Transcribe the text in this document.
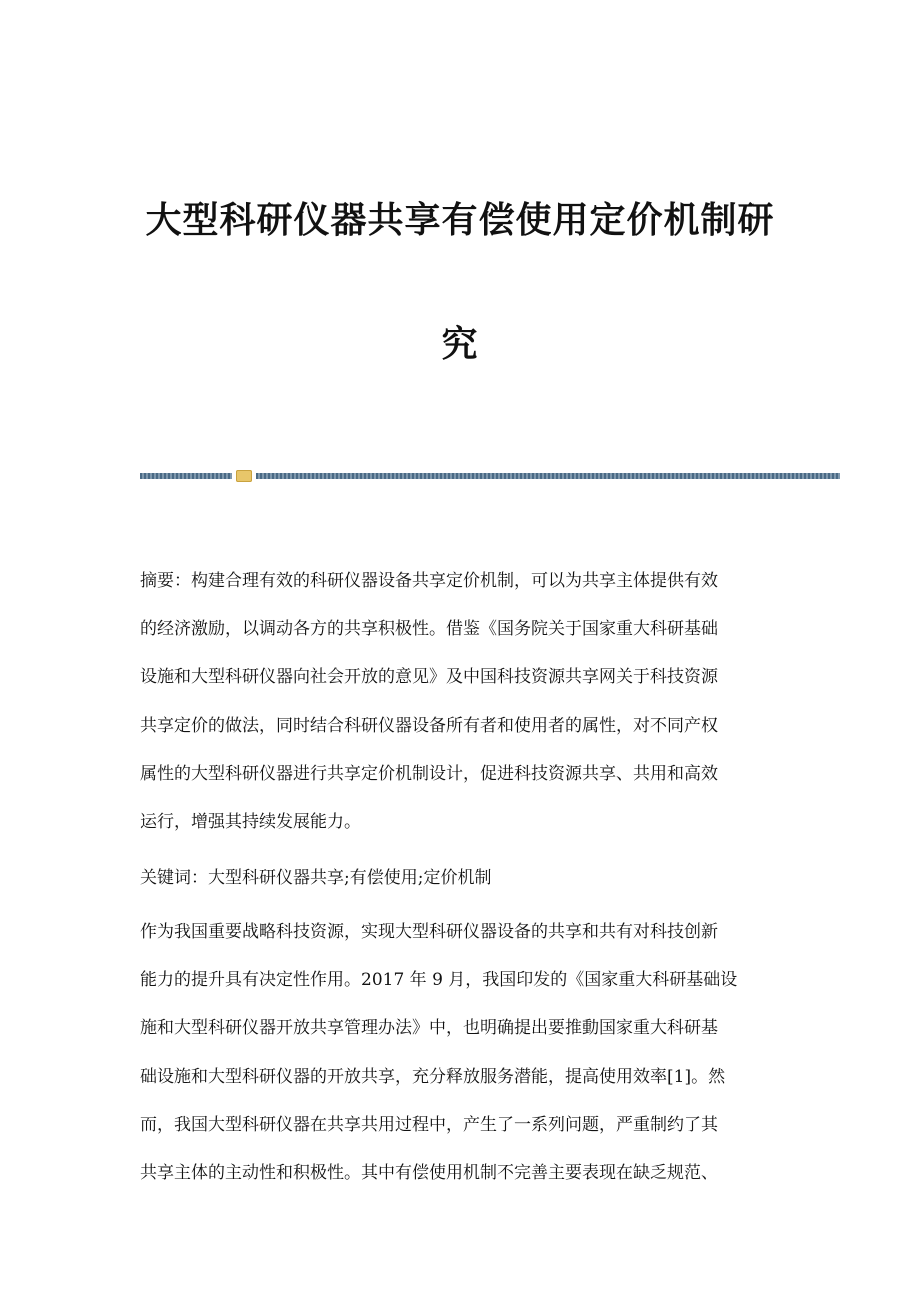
大型科研仪器共享有偿使用定价机制研
究
摘要：构建合理有效的科研仪器设备共享定价机制，可以为共享主体提供有效
的经济激励，以调动各方的共享积极性。借鉴《国务院关于国家重大科研基础
设施和大型科研仪器向社会开放的意见》及中国科技资源共享网关于科技资源
共享定价的做法，同时结合科研仪器设备所有者和使用者的属性，对不同产权
属性的大型科研仪器进行共享定价机制设计，促进科技资源共享、共用和高效
运行，增强其持续发展能力。
关键词：大型科研仪器共享;有偿使用;定价机制
作为我国重要战略科技资源，实现大型科研仪器设备的共享和共有对科技创新
能力的提升具有决定性作用。2017 年 9 月，我国印发的《国家重大科研基础设
施和大型科研仪器开放共享管理办法》中，也明确提出要推動国家重大科研基
础设施和大型科研仪器的开放共享，充分释放服务潜能，提高使用效率[1]。然
而，我国大型科研仪器在共享共用过程中，产生了一系列问题，严重制约了其
共享主体的主动性和积极性。其中有偿使用机制不完善主要表现在缺乏规范、
